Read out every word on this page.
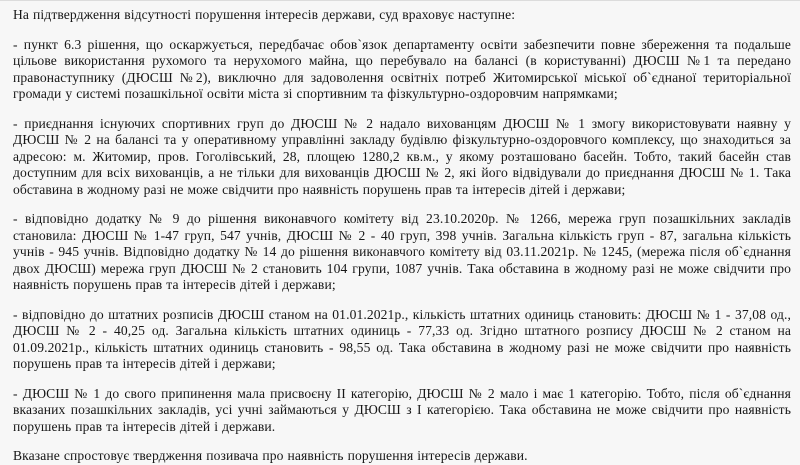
На підтвердження відсутності порушення інтересів держави, суд враховує наступне:

- пункт 6.3 рішення, що оскаржується, передбачає обов`язок департаменту освіти забезпечити повне збереження та подальше цільове використання рухомого та нерухомого майна, що перебувало на балансі (в користуванні) ДЮСШ №1 та передано правонаступнику (ДЮСШ №2), виключно для задоволення освітніх потреб Житомирської міської об`єднаної територіальної громади у системі позашкільної освіти міста зі спортивним та фізкультурно-оздоровчим напрямками;

- приєднання існуючих спортивних груп до ДЮСШ № 2 надало вихованцям ДЮСШ № 1 змогу використовувати наявну у ДЮСШ № 2 на балансі та у оперативному управлінні закладу будівлю фізкультурно-оздоровчого комплексу, що знаходиться за адресою: м. Житомир, пров. Гоголівський, 28, площею 1280,2 кв.м., у якому розташовано басейн. Тобто, такий басейн став доступним для всіх вихованців, а не тільки для вихованців ДЮСШ № 2, які його відвідували до приєднання ДЮСШ № 1. Така обставина в жодному разі не може свідчити про наявність порушень прав та інтересів дітей і держави;

- відповідно додатку № 9 до рішення виконавчого комітету від 23.10.2020р. № 1266, мережа груп позашкільних закладів становила: ДЮСШ № 1-47 груп, 547 учнів, ДЮСШ № 2 - 40 груп, 398 учнів. Загальна кількість груп - 87, загальна кількість учнів - 945 учнів. Відповідно додатку № 14 до рішення виконавчого комітету від 03.11.2021р. № 1245, (мережа після об`єднання двох ДЮСШ) мережа груп ДЮСШ № 2 становить 104 групи, 1087 учнів. Така обставина в жодному разі не може свідчити про наявність порушень прав та інтересів дітей і держави;

- відповідно до штатних розписів ДЮСШ станом на 01.01.2021р., кількість штатних одиниць становить: ДЮСШ № 1 - 37,08 од., ДЮСШ № 2 - 40,25 од. Загальна кількість штатних одиниць - 77,33 од. Згідно штатного розпису ДЮСШ № 2 станом на 01.09.2021р., кількість штатних одиниць становить - 98,55 од. Така обставина в жодному разі не може свідчити про наявність порушень прав та інтересів дітей і держави;

- ДЮСШ № 1 до свого припинення мала присвоєну ІІ категорію, ДЮСШ № 2 мало і має 1 категорію. Тобто, після об`єднання вказаних позашкільних закладів, усі учні займаються у ДЮСШ з І категорією. Така обставина не може свідчити про наявність порушень прав та інтересів дітей і держави.

Вказане спростовує твердження позивача про наявність порушення інтересів держави.
